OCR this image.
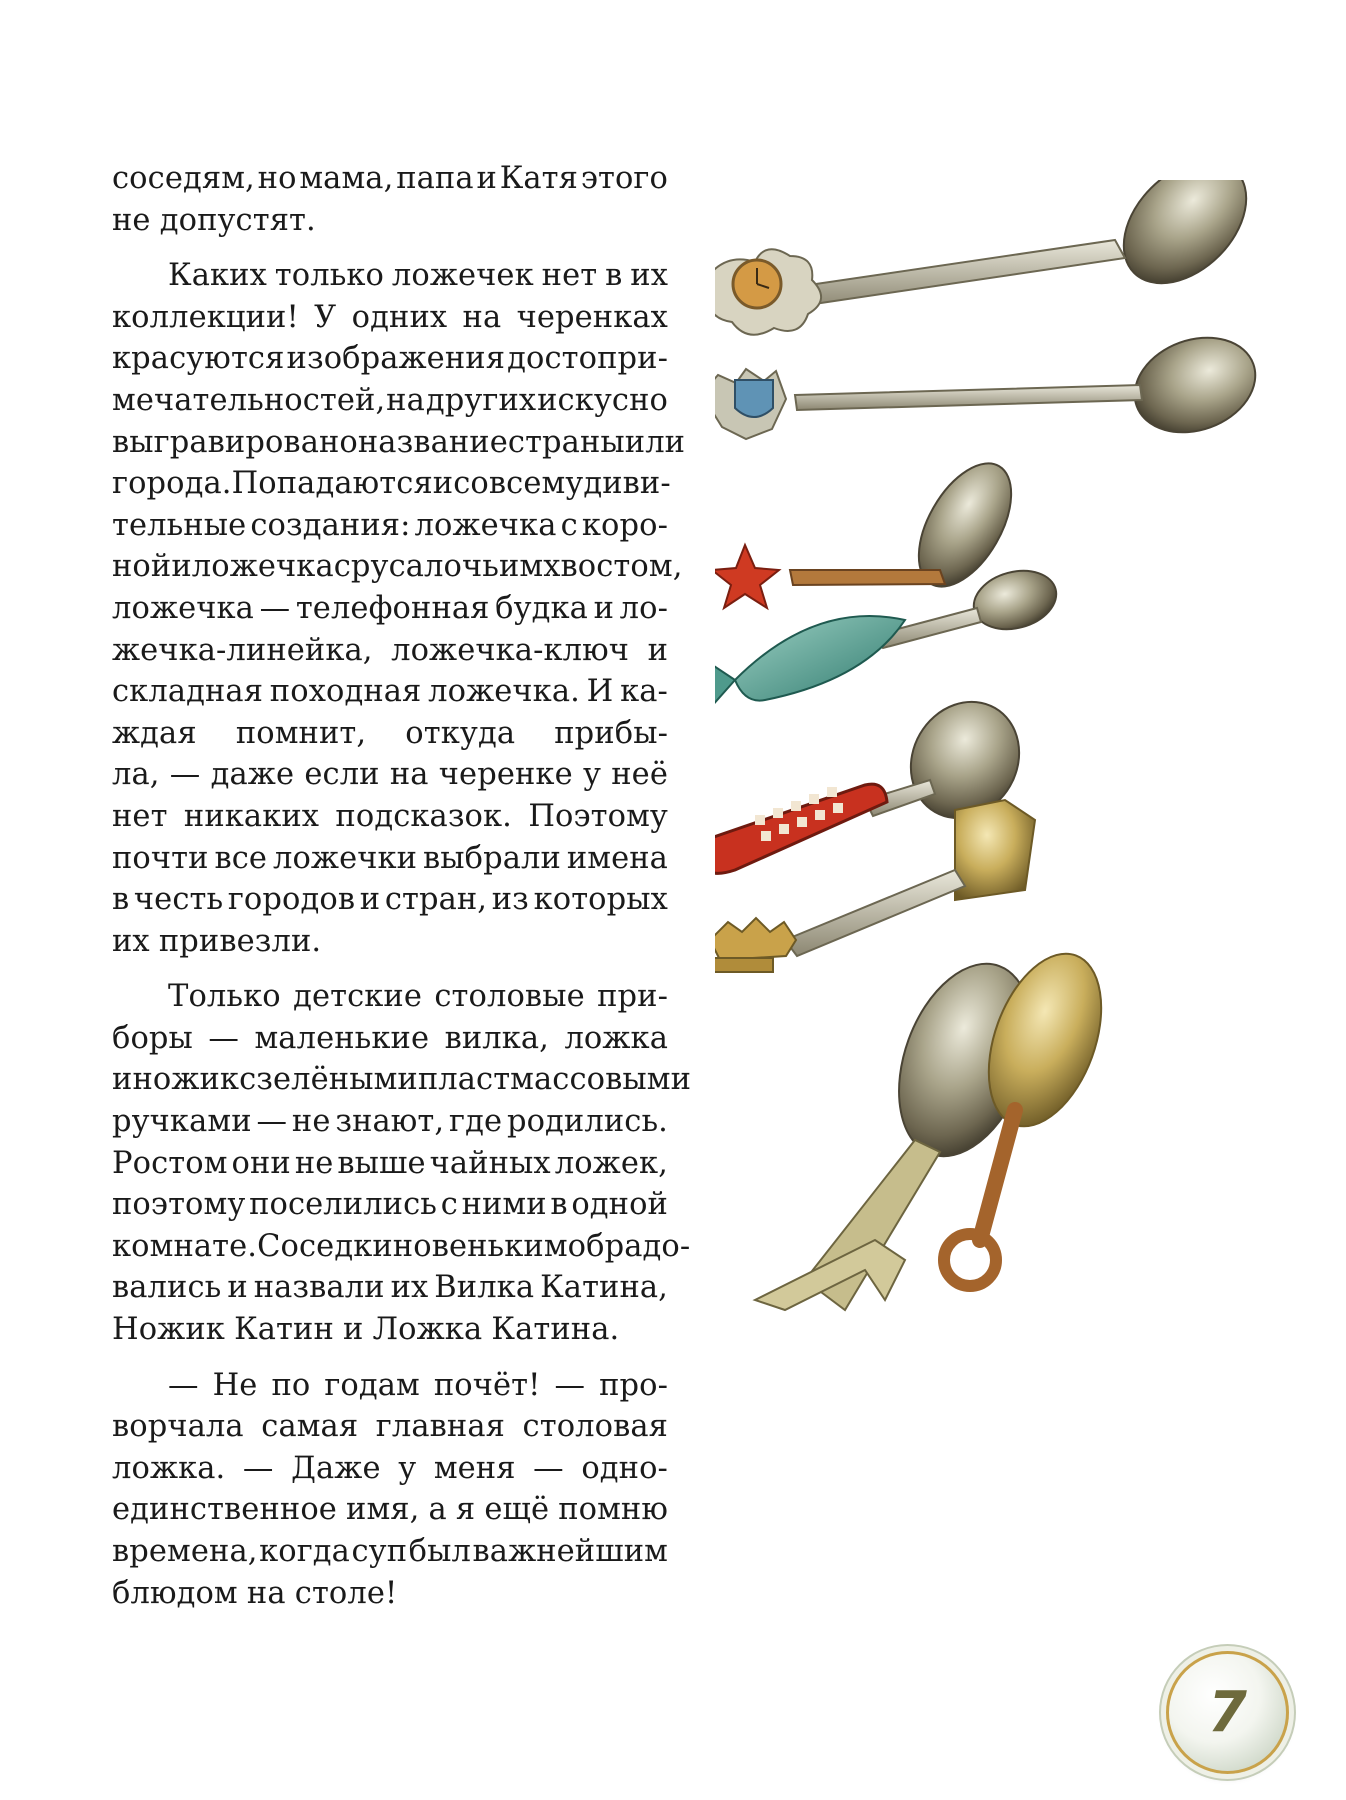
соседям, но мама, папа и Катя этого
не допустят.
Каких только ложечек нет в их
коллекции! У одних на черенках
красуются изображения достопри-
мечательностей, на других искусно
выгравировано название страны или
города. Попадаются и совсем удиви-
тельные создания: ложечка с коро-
ной и ложечка с русалочьим хвостом,
ложечка — телефонная будка и ло-
жечка-линейка, ложечка-ключ и
складная походная ложечка. И ка-
ждая помнит, откуда прибы-
ла, — даже если на черенке у неё
нет никаких подсказок. Поэтому
почти все ложечки выбрали имена
в честь городов и стран, из которых
их привезли.
Только детские столовые при-
боры — маленькие вилка, ложка
и ножик с зелёными пластмассовыми
ручками — не знают, где родились.
Ростом они не выше чайных ложек,
поэтому поселились с ними в одной
комнате. Соседки новеньким обрадо-
вались и назвали их Вилка Катина,
Ножик Катин и Ложка Катина.
— Не по годам почёт! — про-
ворчала самая главная столовая
ложка. — Даже у меня — одно-
единственное имя, а я ещё помню
времена, когда суп был важнейшим
блюдом на столе!
7
